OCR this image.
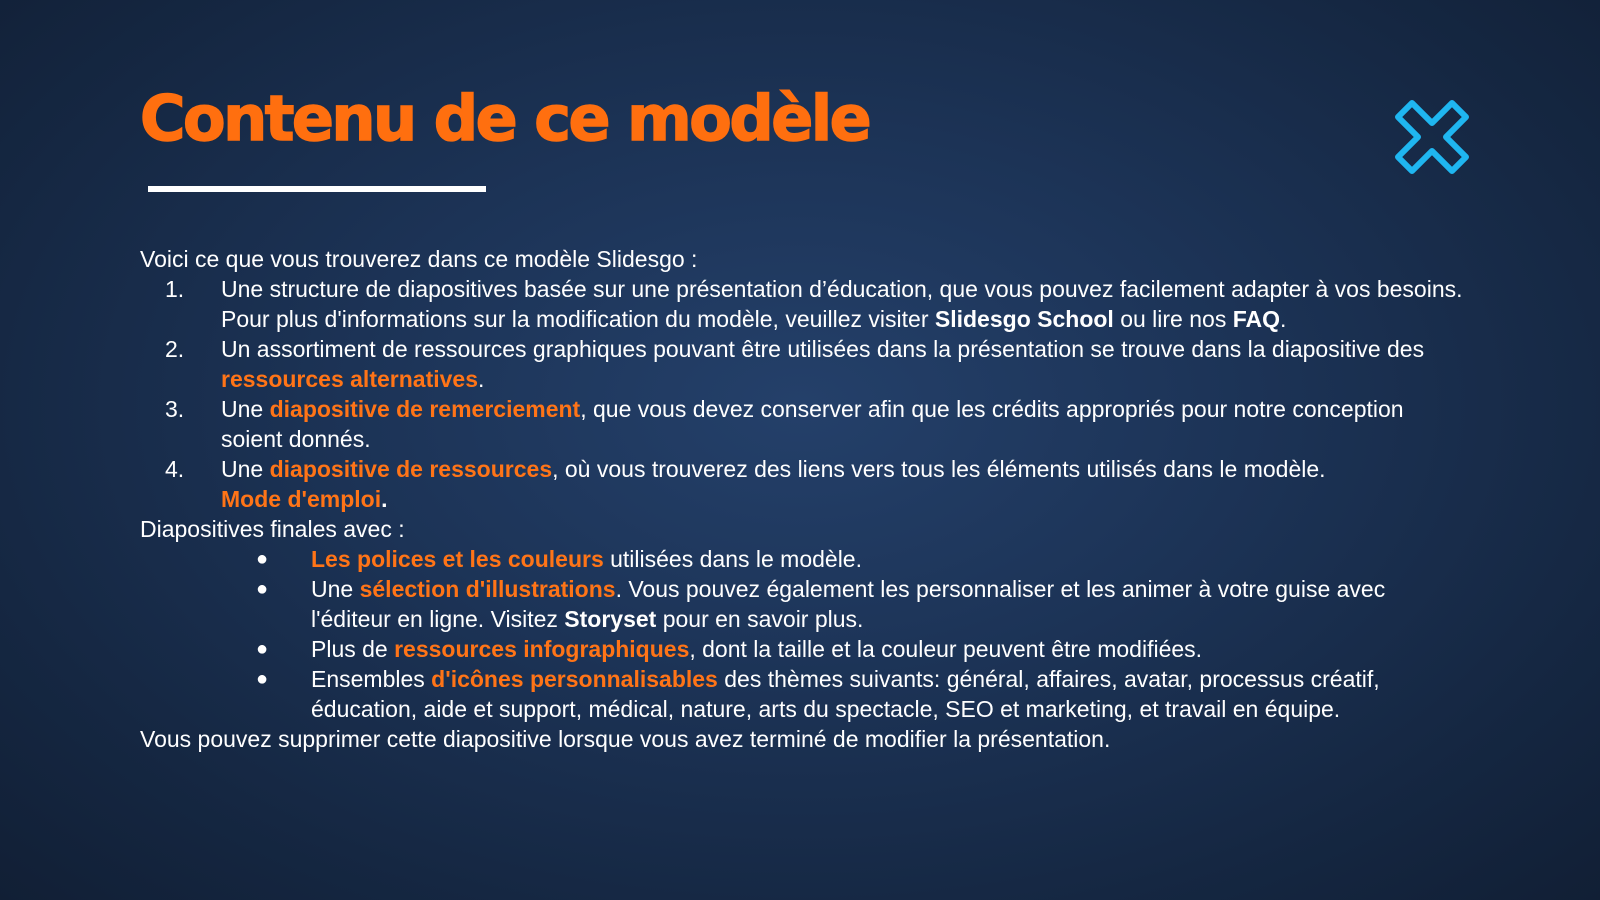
Contenu de ce modèle

Voici ce que vous trouverez dans ce modèle Slidesgo :

1. Une structure de diapositives basée sur une présentation d’éducation, que vous pouvez facilement adapter à vos besoins. Pour plus d'informations sur la modification du modèle, veuillez visiter Slidesgo School ou lire nos FAQ.
2. Un assortiment de ressources graphiques pouvant être utilisées dans la présentation se trouve dans la diapositive des ressources alternatives.
3. Une diapositive de remerciement, que vous devez conserver afin que les crédits appropriés pour notre conception soient donnés.
4. Une diapositive de ressources, où vous trouverez des liens vers tous les éléments utilisés dans le modèle.
Mode d'emploi.

Diapositives finales avec :

● Les polices et les couleurs utilisées dans le modèle.
● Une sélection d'illustrations. Vous pouvez également les personnaliser et les animer à votre guise avec l'éditeur en ligne. Visitez Storyset pour en savoir plus.
● Plus de ressources infographiques, dont la taille et la couleur peuvent être modifiées.
● Ensembles d'icônes personnalisables des thèmes suivants: général, affaires, avatar, processus créatif, éducation, aide et support, médical, nature, arts du spectacle, SEO et marketing, et travail en équipe.

Vous pouvez supprimer cette diapositive lorsque vous avez terminé de modifier la présentation.
